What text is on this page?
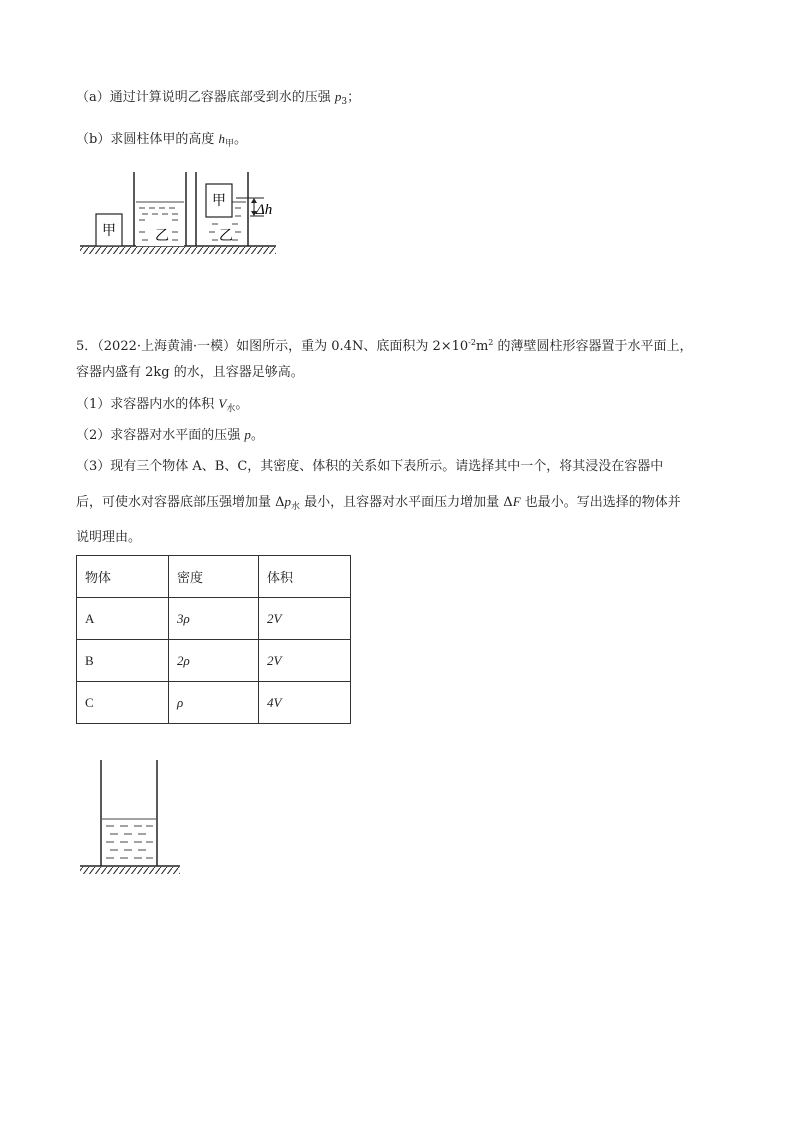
（a）通过计算说明乙容器底部受到水的压强 $p_3$；
（b）求圆柱体甲的高度 $h_甲$。
甲	乙	乙
甲
Δh
5．（2022·上海黄浦·一模）如图所示，重为 0.4N、底面积为 $2\times 10^{-2}m^2$ 的薄壁圆柱形容器置于水平面上，
容器内盛有 2kg 的水，且容器足够高。
（1）求容器内水的体积 $V_水$。
（2）求容器对水平面的压强 p。
（3）现有三个物体 A、B、C，其密度、体积的关系如下表所示。请选择其中一个，将其浸没在容器中
后，可使水对容器底部压强增加量 $\Delta p_水$ 最小，且容器对水平面压力增加量 ΔF 也最小。写出选择的物体并
说明理由。
物体	密度	体积
A	3ρ	2V
B	2ρ	2V
C	ρ	4V
